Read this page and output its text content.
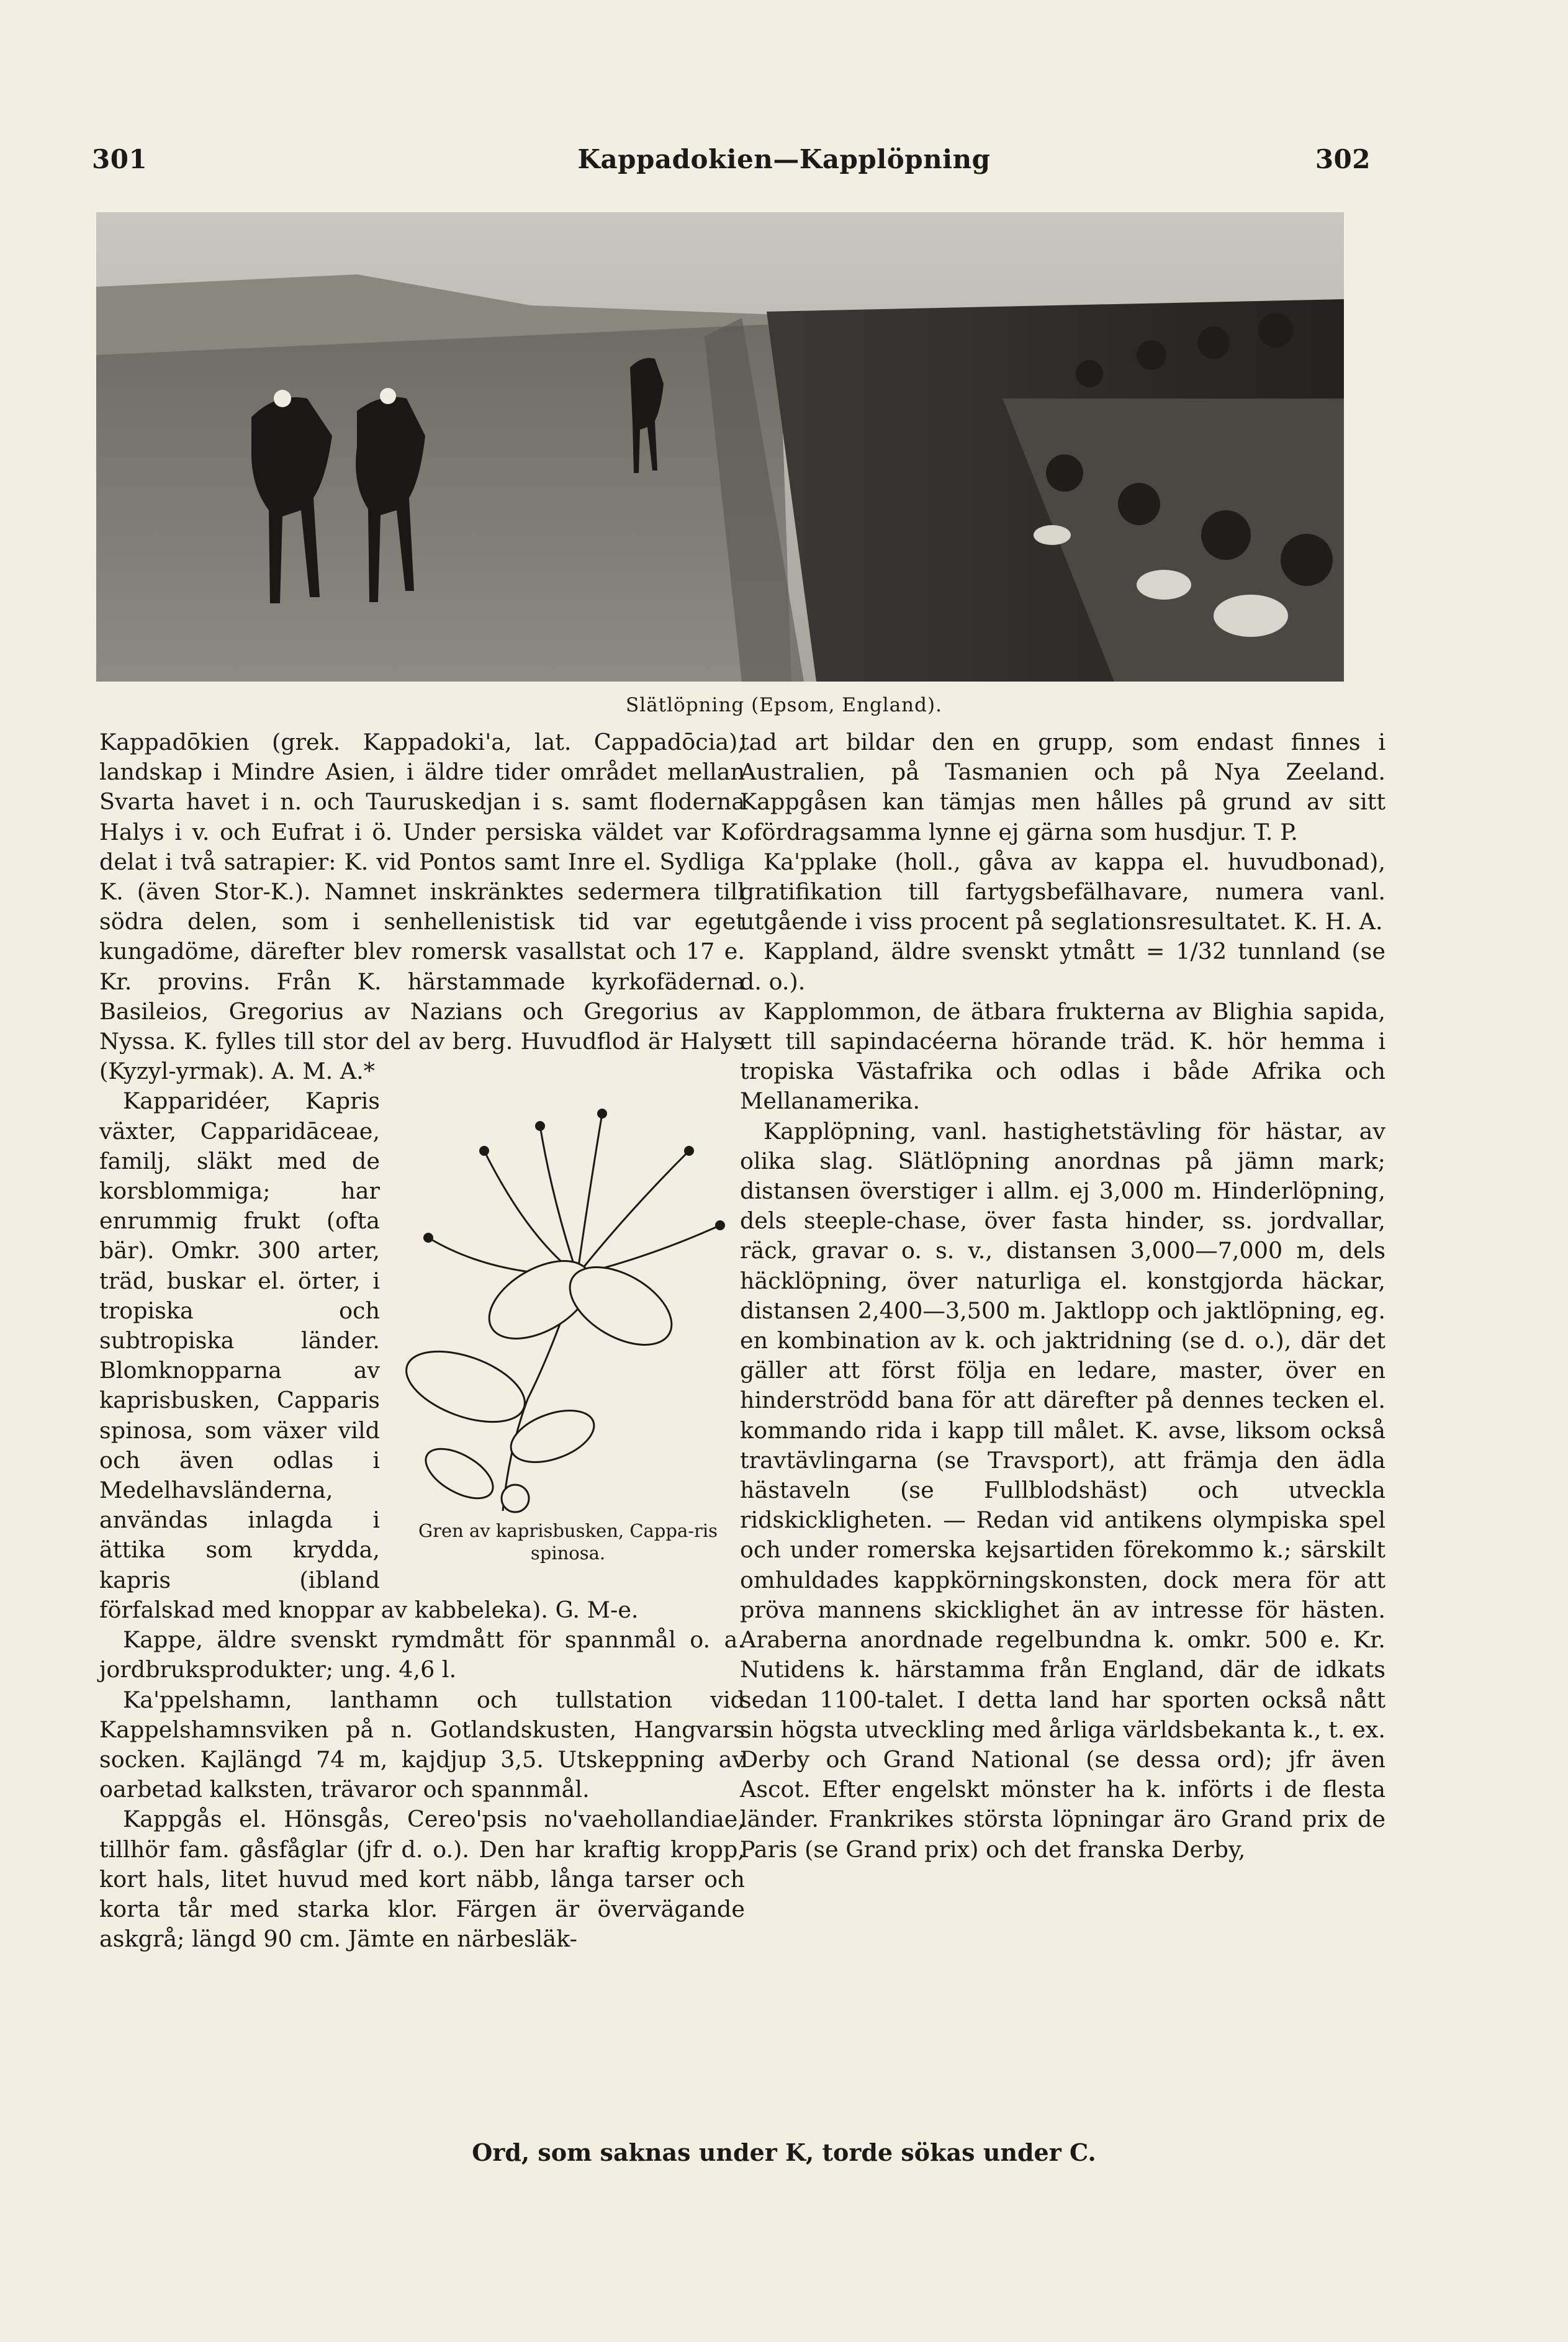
301	Kappadokien—Kapplöpning	302
Slätlöpning (Epsom, England).

Kappadōkien (grek. Kappadoki'a, lat. Cappadōcia), landskap i Mindre Asien, i äldre tider området mellan Svarta havet i n. och Tauruskedjan i s. samt floderna Halys i v. och Eufrat i ö. Under persiska väldet var K. delat i två satrapier: K. vid Pontos samt Inre el. Sydliga K. (även Stor-K.). Namnet inskränktes sedermera till södra delen, som i senhellenistisk tid var eget kungadöme, därefter blev romersk vasallstat och 17 e. Kr. provins. Från K. härstammade kyrkofäderna Basileios, Gregorius av Nazians och Gregorius av Nyssa. K. fylles till stor del av berg. Huvudflod är Halys (Kyzyl-yrmak). A. M. A.*

Gren av kaprisbusken, Cappa-ris spinosa.

Kapparidéer, Kapris växter, Capparidāceae, familj, släkt med de korsblommiga; har enrummig frukt (ofta bär). Omkr. 300 arter, träd, buskar el. örter, i tropiska och subtropiska länder. Blomknopparna av kaprisbusken, Capparis spinosa, som växer vild och även odlas i Medelhavsländerna, användas inlagda i ättika som krydda, kapris (ibland förfalskad med knoppar av kabbeleka). G. M-e.

Kappe, äldre svenskt rymdmått för spannmål o. a. jordbruksprodukter; ung. 4,6 l.

Ka'ppelshamn, lanthamn och tullstation vid Kappelshamnsviken på n. Gotlandskusten, Hangvars socken. Kajlängd 74 m, kajdjup 3,5. Utskeppning av oarbetad kalksten, trävaror och spannmål.

Kappgås el. Hönsgås, Cereo'psis no'vaehollandiae, tillhör fam. gåsfåglar (jfr d. o.). Den har kraftig kropp, kort hals, litet huvud med kort näbb, långa tarser och korta tår med starka klor. Färgen är övervägande askgrå; längd 90 cm. Jämte en närbesläk-

tad art bildar den en grupp, som endast finnes i Australien, på Tasmanien och på Nya Zeeland. Kappgåsen kan tämjas men hålles på grund av sitt ofördragsamma lynne ej gärna som husdjur. T. P.

Ka'pplake (holl., gåva av kappa el. huvudbonad), gratifikation till fartygsbefälhavare, numera vanl. utgående i viss procent på seglationsresultatet. K. H. A.

Kappland, äldre svenskt ytmått = 1/32 tunnland (se d. o.).

Kapplommon, de ätbara frukterna av Blighia sapida, ett till sapindacéerna hörande träd. K. hör hemma i tropiska Västafrika och odlas i både Afrika och Mellanamerika.

Kapplöpning, vanl. hastighetstävling för hästar, av olika slag. Slätlöpning anordnas på jämn mark; distansen överstiger i allm. ej 3,000 m. Hinderlöpning, dels steeple-chase, över fasta hinder, ss. jordvallar, räck, gravar o. s. v., distansen 3,000—7,000 m, dels häcklöpning, över naturliga el. konstgjorda häckar, distansen 2,400—3,500 m. Jaktlopp och jaktlöpning, eg. en kombination av k. och jaktridning (se d. o.), där det gäller att först följa en ledare, master, över en hinderströdd bana för att därefter på dennes tecken el. kommando rida i kapp till målet. K. avse, liksom också travtävlingarna (se Travsport), att främja den ädla hästaveln (se Fullblodshäst) och utveckla ridskickligheten. — Redan vid antikens olympiska spel och under romerska kejsartiden förekommo k.; särskilt omhuldades kappkörningskonsten, dock mera för att pröva mannens skicklighet än av intresse för hästen. Araberna anordnade regelbundna k. omkr. 500 e. Kr. Nutidens k. härstamma från England, där de idkats sedan 1100-talet. I detta land har sporten också nått sin högsta utveckling med årliga världsbekanta k., t. ex. Derby och Grand National (se dessa ord); jfr även Ascot. Efter engelskt mönster ha k. införts i de flesta länder. Frankrikes största löpningar äro Grand prix de Paris (se Grand prix) och det franska Derby,

Ord, som saknas under K, torde sökas under C.
